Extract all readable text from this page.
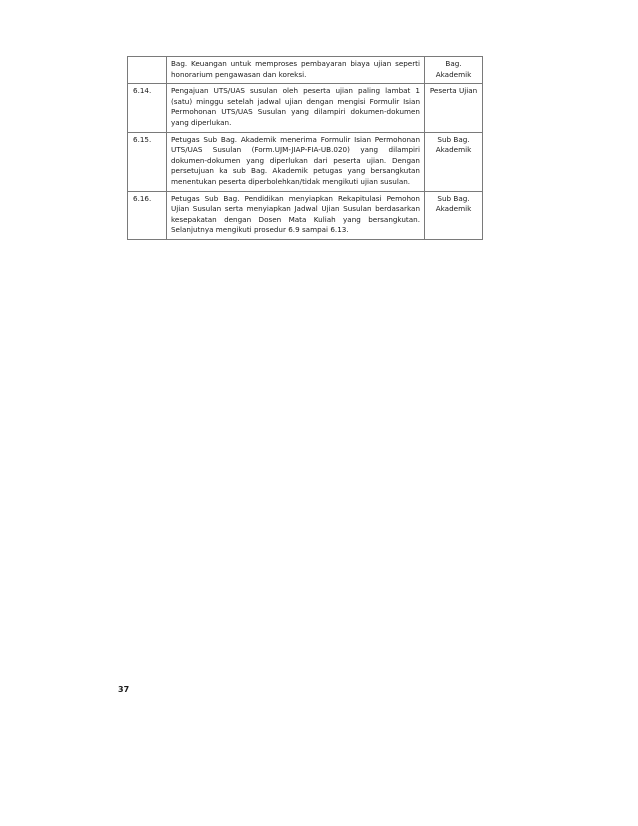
	Bag. Keuangan untuk memproses pembayaran biaya ujian seperti honorarium pengawasan dan koreksi.	Bag. Akademik
6.14.	Pengajuan UTS/UAS susulan oleh peserta ujian paling lambat 1 (satu) minggu setelah jadwal ujian dengan mengisi Formulir Isian Permohonan UTS/UAS Susulan yang dilampiri dokumen-dokumen yang diperlukan.	Peserta Ujian
6.15.	Petugas Sub Bag. Akademik menerima Formulir Isian Permohonan UTS/UAS Susulan (Form.UJM-JIAP-FIA-UB.020) yang dilampiri dokumen-dokumen yang diperlukan dari peserta ujian. Dengan persetujuan ka sub Bag. Akademik petugas yang bersangkutan menentukan peserta diperbolehkan/tidak mengikuti ujian susulan.	Sub Bag. Akademik
6.16.	Petugas Sub Bag. Pendidikan menyiapkan Rekapitulasi Pemohon Ujian Susulan serta menyiapkan Jadwal Ujian Susulan berdasarkan kesepakatan dengan Dosen Mata Kuliah yang bersangkutan. Selanjutnya mengikuti prosedur 6.9 sampai 6.13.	Sub Bag. Akademik
37
